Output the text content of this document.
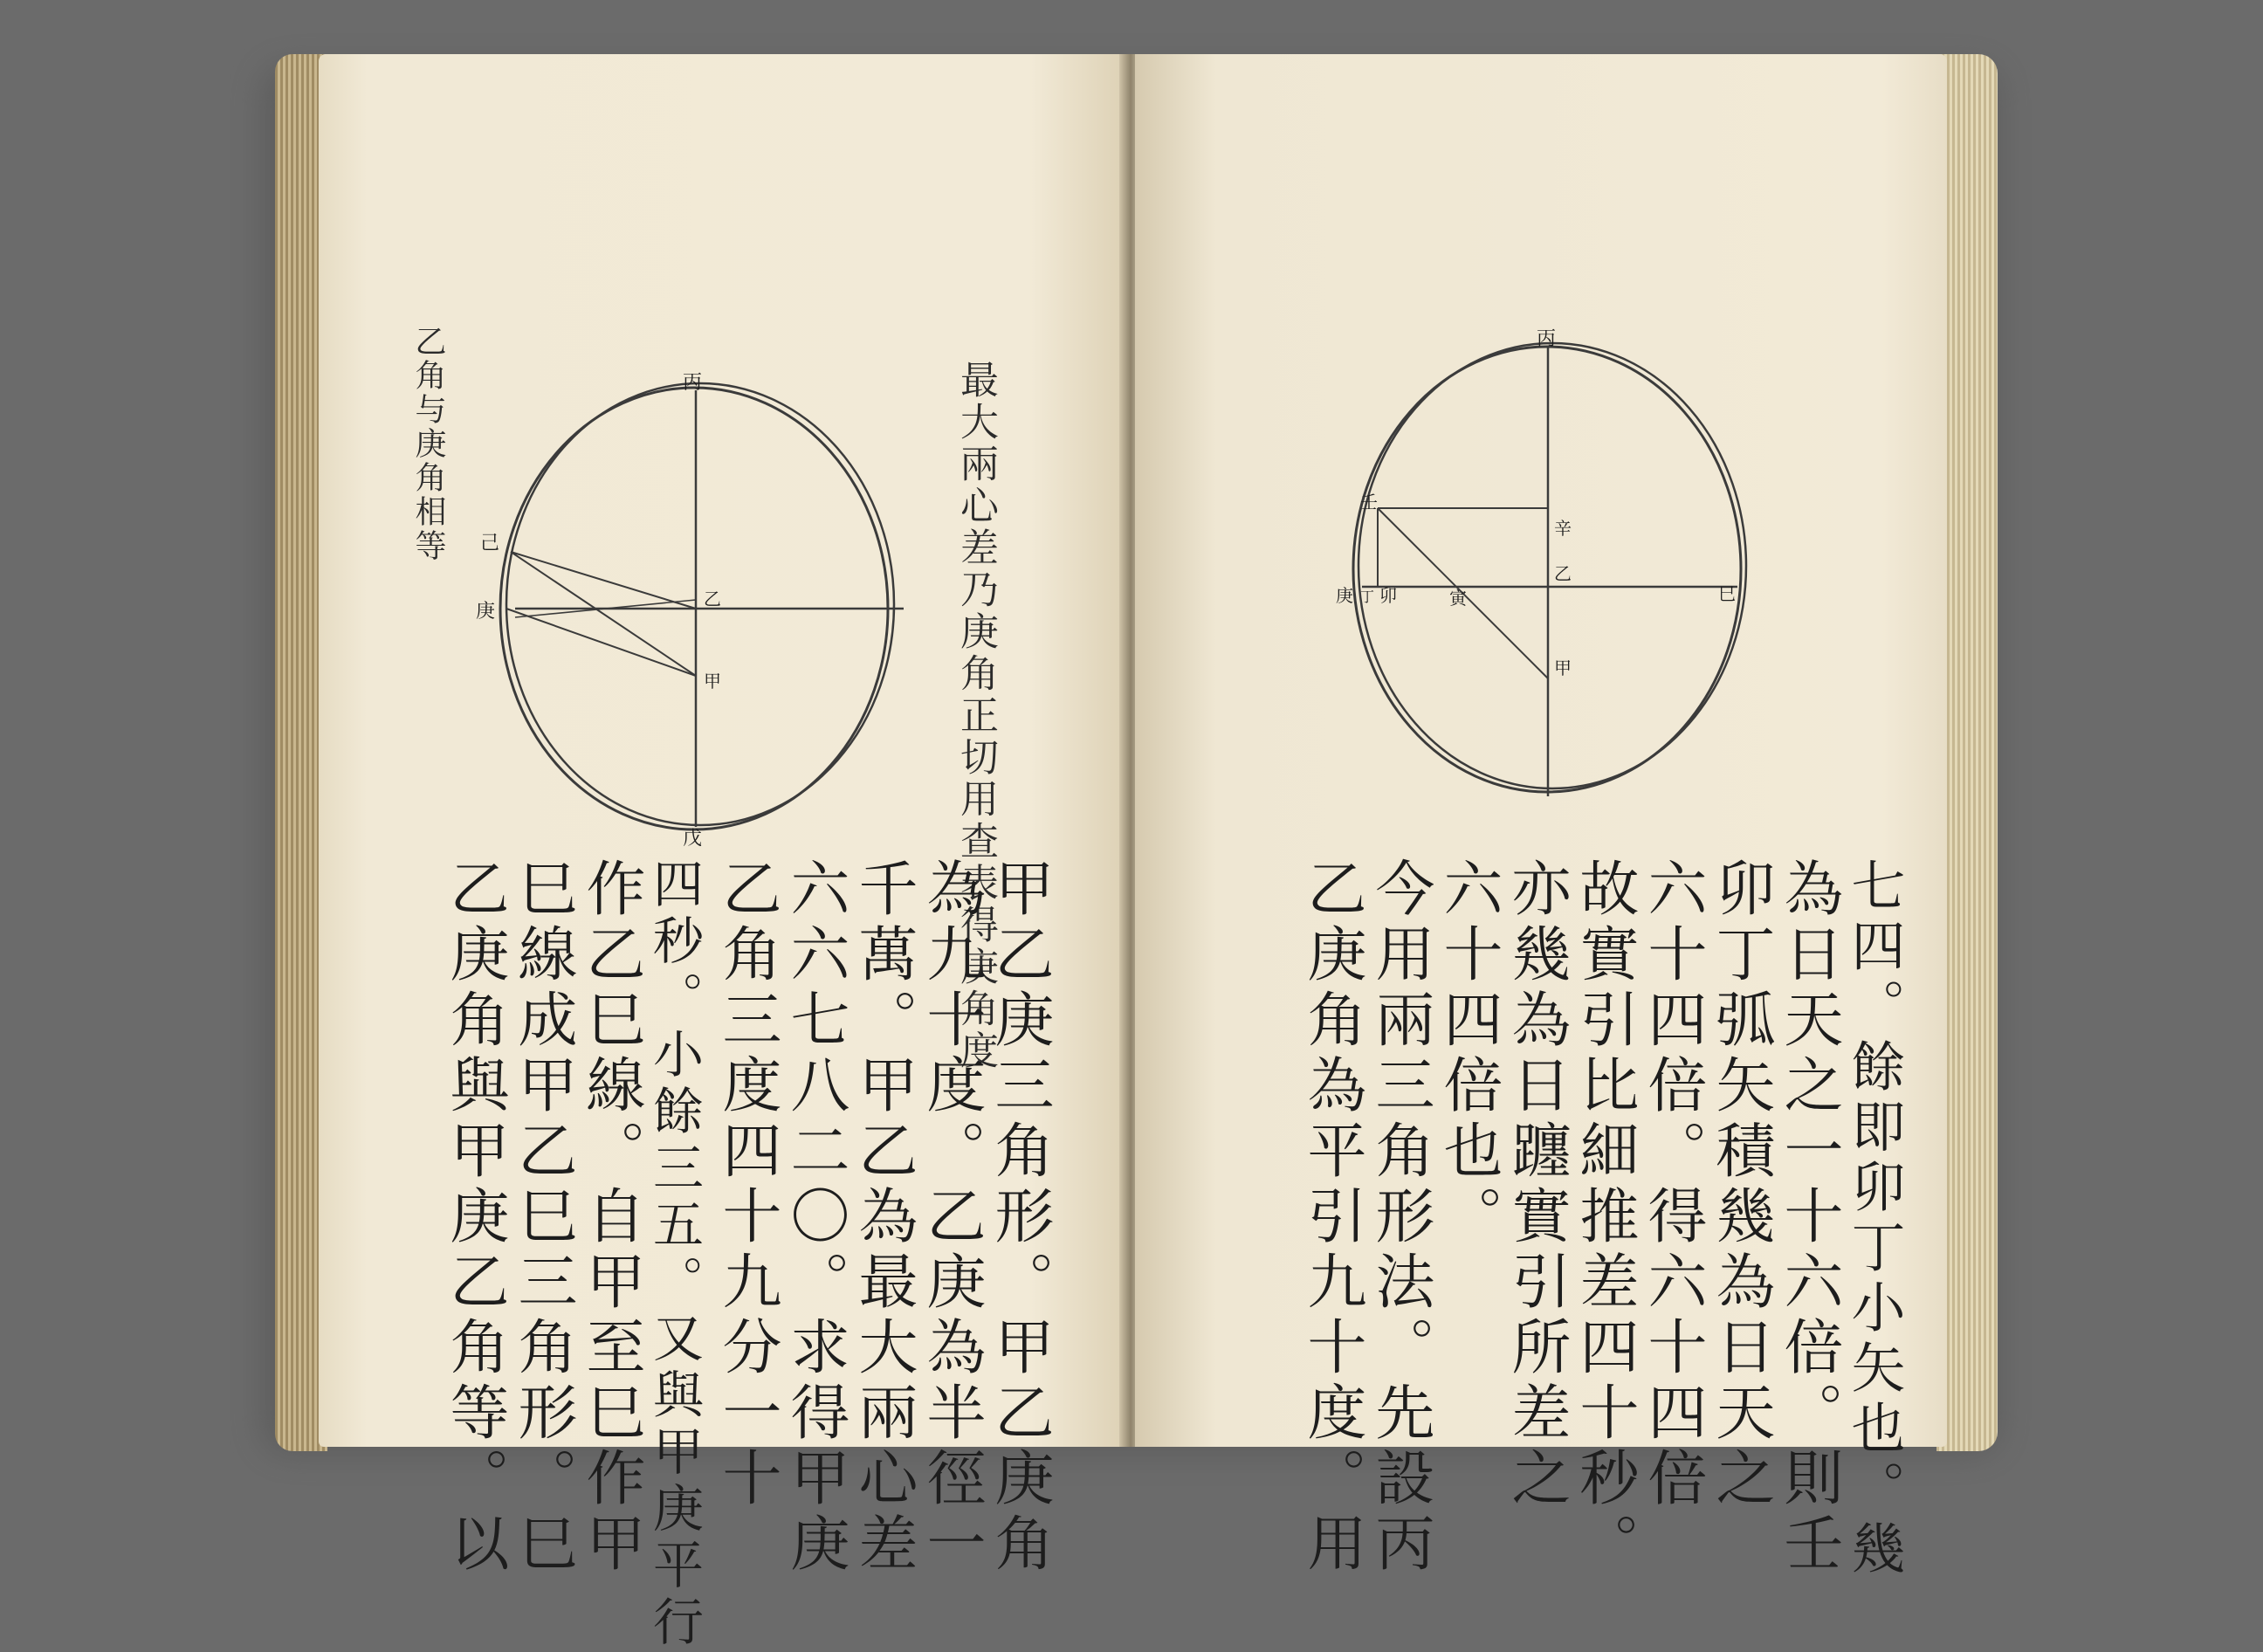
乙角与庚角相等	最大兩心差乃庚角正切用查表得庚角度
丙
戊
己
庚
乙
甲
甲乙庚三角形。甲乙庚角
為九十度。乙庚為半徑一
千萬。甲乙為最大兩心差
六六七八二〇。求得甲庚
乙角三度四十九分一十
四秒。小餘三五。又與甲庚平行
作乙巳線。自甲至巳作甲
巳線成甲乙巳三角形。巳
乙庚角與甲庚乙角等。以
丙
壬
辛
庚 丁 卯	寅
乙
巳
甲
七四。餘即卯丁小矢也。幾
為日天之一十六倍。則壬
卯丁弧矢積幾為日天之
六十四倍。得六十四倍
故實引比細推差四十秒。
亦幾為日躔實引所差之
六十四倍也。
今用兩三角形法。先設丙
乙庚角為平引九十度。用
